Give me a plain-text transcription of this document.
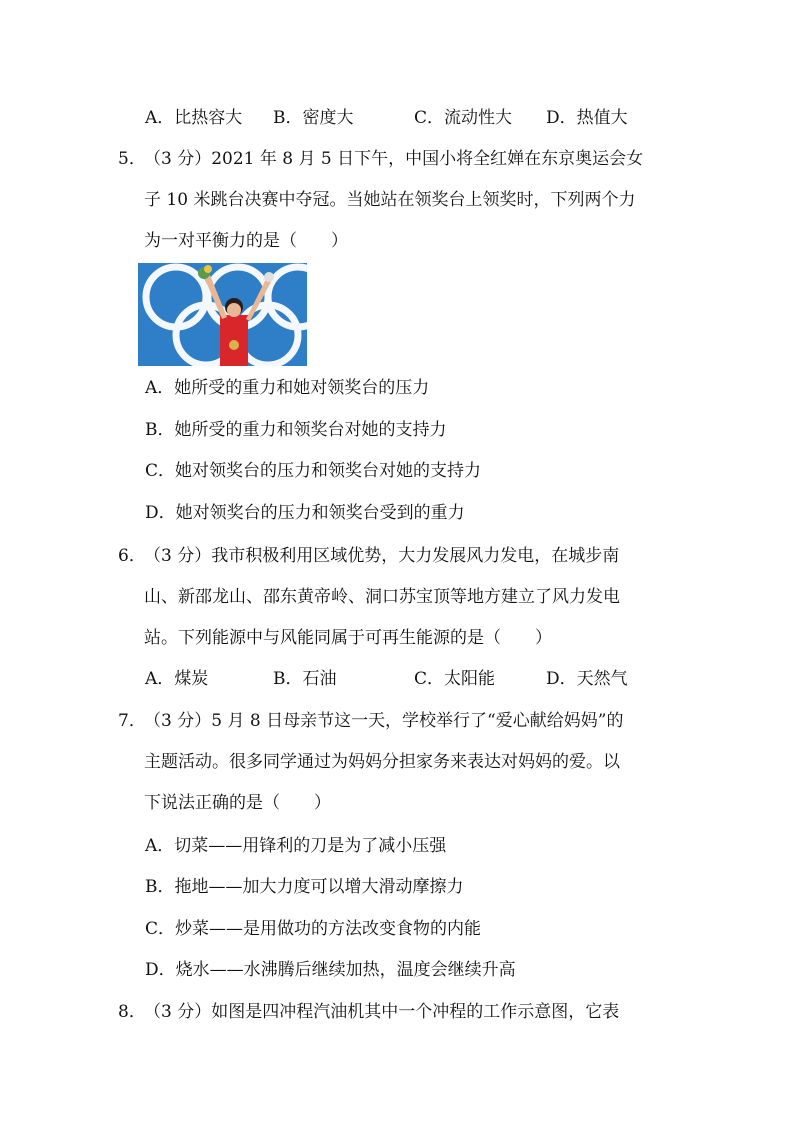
A．比热容大 B．密度大	C．流动性大 D．热值大
5．
（3 分）2021 年 8 月 5 日下午，中国小将全红婵在东京奥运会女
子 10 米跳台决赛中夺冠。当她站在领奖台上领奖时，下列两个力
为一对平衡力的是（　　）
A．她所受的重力和她对领奖台的压力
B．她所受的重力和领奖台对她的支持力
C．她对领奖台的压力和领奖台对她的支持力
D．她对领奖台的压力和领奖台受到的重力
6．
（3 分）我市积极利用区域优势，大力发展风力发电，在城步南
山、新邵龙山、邵东黄帝岭、洞口苏宝顶等地方建立了风力发电
站。下列能源中与风能同属于可再生能源的是（　　）
A．煤炭	B．石油	C．太阳能	D．天然气
7．
（3 分）5 月 8 日母亲节这一天，学校举行了“爱心献给妈妈”的
主题活动。很多同学通过为妈妈分担家务来表达对妈妈的爱。以
下说法正确的是（　　）
A．切菜——用锋利的刀是为了减小压强
B．拖地——加大力度可以增大滑动摩擦力
C．炒菜——是用做功的方法改变食物的内能
D．烧水——水沸腾后继续加热，温度会继续升高
8．
（3 分）如图是四冲程汽油机其中一个冲程的工作示意图，它表
